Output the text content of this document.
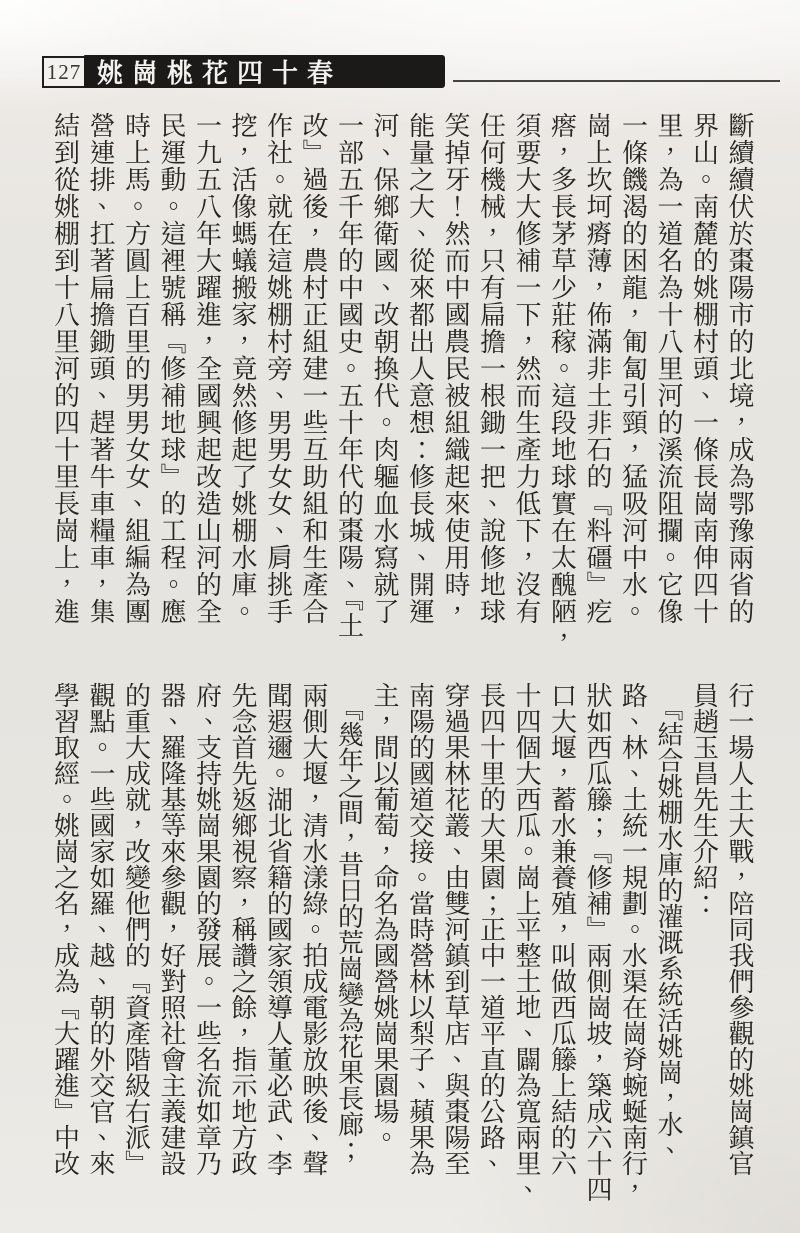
127 姚崗桃花四十春
斷續續伏於棗陽市的北境，成為鄂豫兩省的
界山。南麓的姚棚村頭、一條長崗南伸四十
里，為一道名為十八里河的溪流阻攔。它像
一條饑渴的困龍，匍匐引頸，猛吸河中水。
崗上坎坷瘠薄，佈滿非土非石的『料礓』疙
瘩，多長茅草少莊稼。這段地球實在太醜陋，
須要大大修補一下，然而生產力低下，沒有
任何機械，只有扁擔一根鋤一把、說修地球
笑掉牙！然而中國農民被組織起來使用時，
能量之大、從來都出人意想：修長城、開運
河、保鄉衛國、改朝換代。肉軀血水寫就了
一部五千年的中國史。五十年代的棗陽、『土
改』過後，農村正組建一些互助組和生產合
作社。就在這姚棚村旁、男男女女、肩挑手
挖，活像螞蟻搬家，竟然修起了姚棚水庫。
一九五八年大躍進，全國興起改造山河的全
民運動。這裡號稱『修補地球』的工程。應
時上馬。方圓上百里的男男女女、組編為團
營連排、扛著扁擔鋤頭、趕著牛車糧車，集
結到從姚棚到十八里河的四十里長崗上，進
行一場人土大戰，陪同我們參觀的姚崗鎮官
員趙玉昌先生介紹：
　『結合姚棚水庫的灌溉系統活姚崗，水、
路、林、土統一規劃。水渠在崗脊蜿蜒南行，
狀如西瓜籐；『修補』兩側崗坡，築成六十四
口大堰，蓄水兼養殖，叫做西瓜籐上結的六
十四個大西瓜。崗上平整土地、闢為寬兩里、
長四十里的大果園；正中一道平直的公路、
穿過果林花叢、由雙河鎮到草店、與棗陽至
南陽的國道交接。當時營林以梨子、蘋果為
主，間以葡萄，命名為國營姚崗果園場。
　『幾年之間，昔日的荒崗變為花果長廊；
兩側大堰，清水漾綠。拍成電影放映後、聲
聞遐邇。湖北省籍的國家領導人董必武、李
先念首先返鄉視察，稱讚之餘，指示地方政
府、支持姚崗果園的發展。一些名流如章乃
器、羅隆基等來參觀，好對照社會主義建設
的重大成就，改變他們的『資產階級右派』
觀點。一些國家如羅、越、朝的外交官、來
學習取經。姚崗之名，成為『大躍進』中改
